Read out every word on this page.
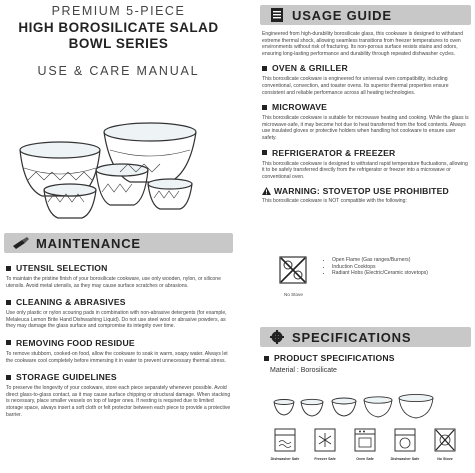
PREMIUM 5-PIECE
HIGH BOROSILICATE SALAD
BOWL SERIES
USE & CARE MANUAL
MAINTENANCE
UTENSIL SELECTION
To maintain the pristine finish of your borosilicate cookware, use only wooden, nylon, or silicone utensils. Avoid metal utensils, as they may cause surface scratches or abrasions.
CLEANING & ABRASIVES
Use only plastic or nylon scouring pads in combination with non-abrasive detergents (for example, Melaleuca Lemon Brite Hand Dishwashing Liquid). Do not use steel wool or abrasive powders, as they may damage the glass surface and compromise its integrity over time.
REMOVING FOOD RESIDUE
To remove stubborn, cooked-on food, allow the cookware to soak in warm, soapy water. Always let the cookware cool completely before immersing it in water to prevent unnecessary thermal stress.
STORAGE GUIDELINES
To preserve the longevity of your cookware, store each piece separately whenever possible. Avoid direct glass-to-glass contact, as it may cause surface chipping or structural damage. When stacking is necessary, place smaller vessels on top of larger ones. If nesting is required due to limited storage space, always insert a soft cloth or felt protector between each piece to provide a protective barrier.
USAGE GUIDE
Engineered from high-durability borosilicate glass, this cookware is designed to withstand extreme thermal shock, allowing seamless transitions from freezer temperatures to oven environments without risk of fracturing. Its non-porous surface resists stains and odors, ensuring long-lasting performance and durability through repeated dishwasher cycles.
OVEN & GRILLER
This borosilicate cookware is engineered for universal oven compatibility, including conventional, convection, and toaster ovens. Its superior thermal properties ensure consistent and reliable performance across all heating technologies.
MICROWAVE
This borosilicate cookware is suitable for microwave heating and cooking. While the glass is microwave-safe, it may become hot due to heat transferred from the food contents. Always use insulated gloves or protective holders when handling hot cookware to ensure user safety.
REFRIGERATOR & FREEZER
This borosilicate cookware is designed to withstand rapid temperature fluctuations, allowing it to be safely transferred directly from the refrigerator or freezer into a microwave or conventional oven.
WARNING: STOVETOP USE PROHIBITED
This borosilicate cookware is NOT compatible with the following:
No Stove
• Open Flame (Gas ranges/Burners)
• Induction Cooktops
• Radiant Hobs (Electric/Ceramic stovetops)
SPECIFICATIONS
PRODUCT SPECIFICATIONS
Material : Borosilicate
Dishwasher Safe	Freezer Safe	Oven Safe	Dishwasher Safe	No Stove
